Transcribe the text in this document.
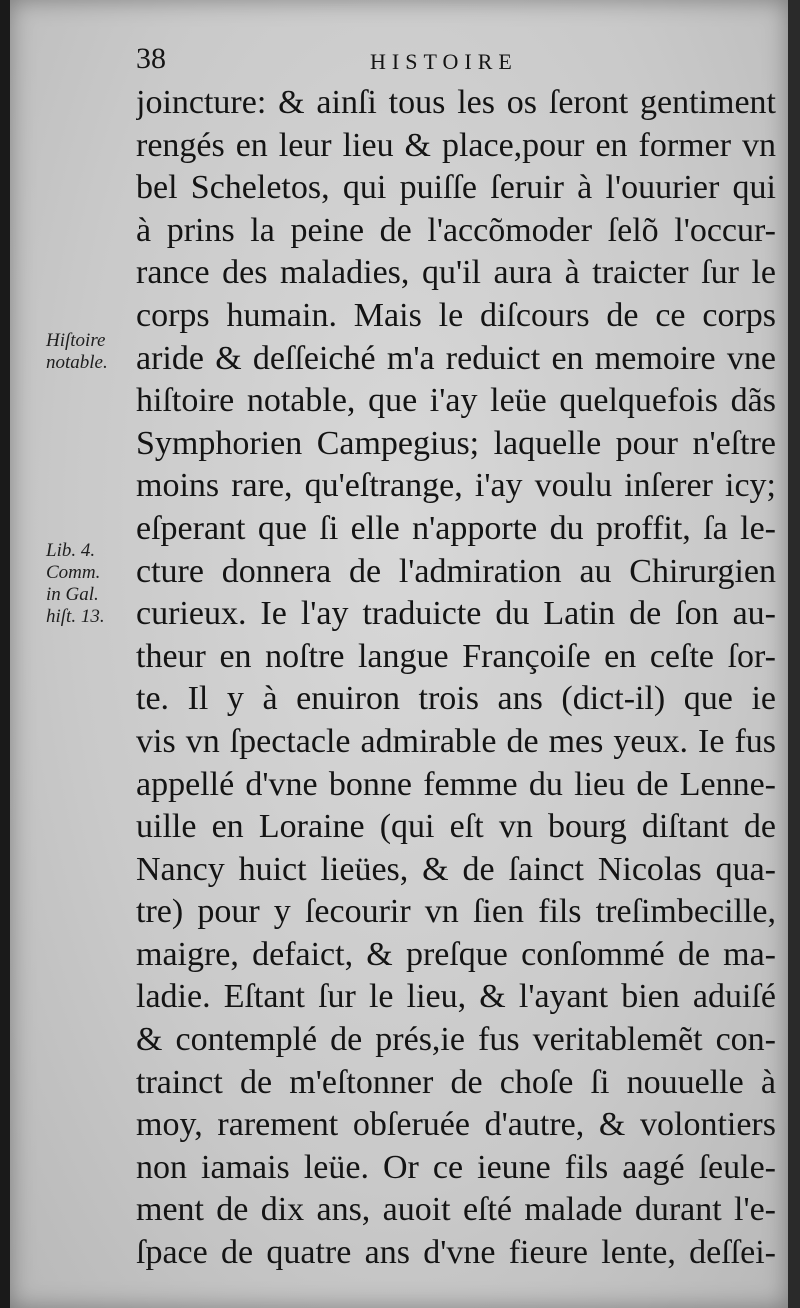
38	HISTOIRE
Hiſtoire
notable.
Lib. 4.
Comm.
in Gal.
hiſt. 13.
joincture: & ainſi tous les os ſeront gentiment
rengés en leur lieu & place,pour en former vn
bel Scheletos, qui puiſſe ſeruir à l'ouurier qui
à prins la peine de l'accõmoder ſelõ l'occur-
rance des maladies, qu'il aura à traicter ſur le
corps humain. Mais le diſcours de ce corps
aride & deſſeiché m'a reduict en memoire vne
hiſtoire notable, que i'ay leüe quelquefois dãs
Symphorien Campegius; laquelle pour n'eſtre
moins rare, qu'eſtrange, i'ay voulu inſerer icy;
eſperant que ſi elle n'apporte du proffit, ſa le-
cture donnera de l'admiration au Chirurgien
curieux. Ie l'ay traduicte du Latin de ſon au-
theur en noſtre langue Françoiſe en ceſte ſor-
te. Il y à enuiron trois ans (dict-il) que ie
vis vn ſpectacle admirable de mes yeux. Ie fus
appellé d'vne bonne femme du lieu de Lenne-
uille en Loraine (qui eſt vn bourg diſtant de
Nancy huict lieües, & de ſainct Nicolas qua-
tre) pour y ſecourir vn ſien fils treſimbecille,
maigre, defaict, & preſque conſommé de ma-
ladie. Eſtant ſur le lieu, & l'ayant bien aduiſé
& contemplé de prés,ie fus veritablemẽt con-
trainct de m'eſtonner de choſe ſi nouuelle à
moy, rarement obſeruée d'autre, & volontiers
non iamais leüe. Or ce ieune fils aagé ſeule-
ment de dix ans, auoit eſté malade durant l'e-
ſpace de quatre ans d'vne fieure lente, deſſei-
